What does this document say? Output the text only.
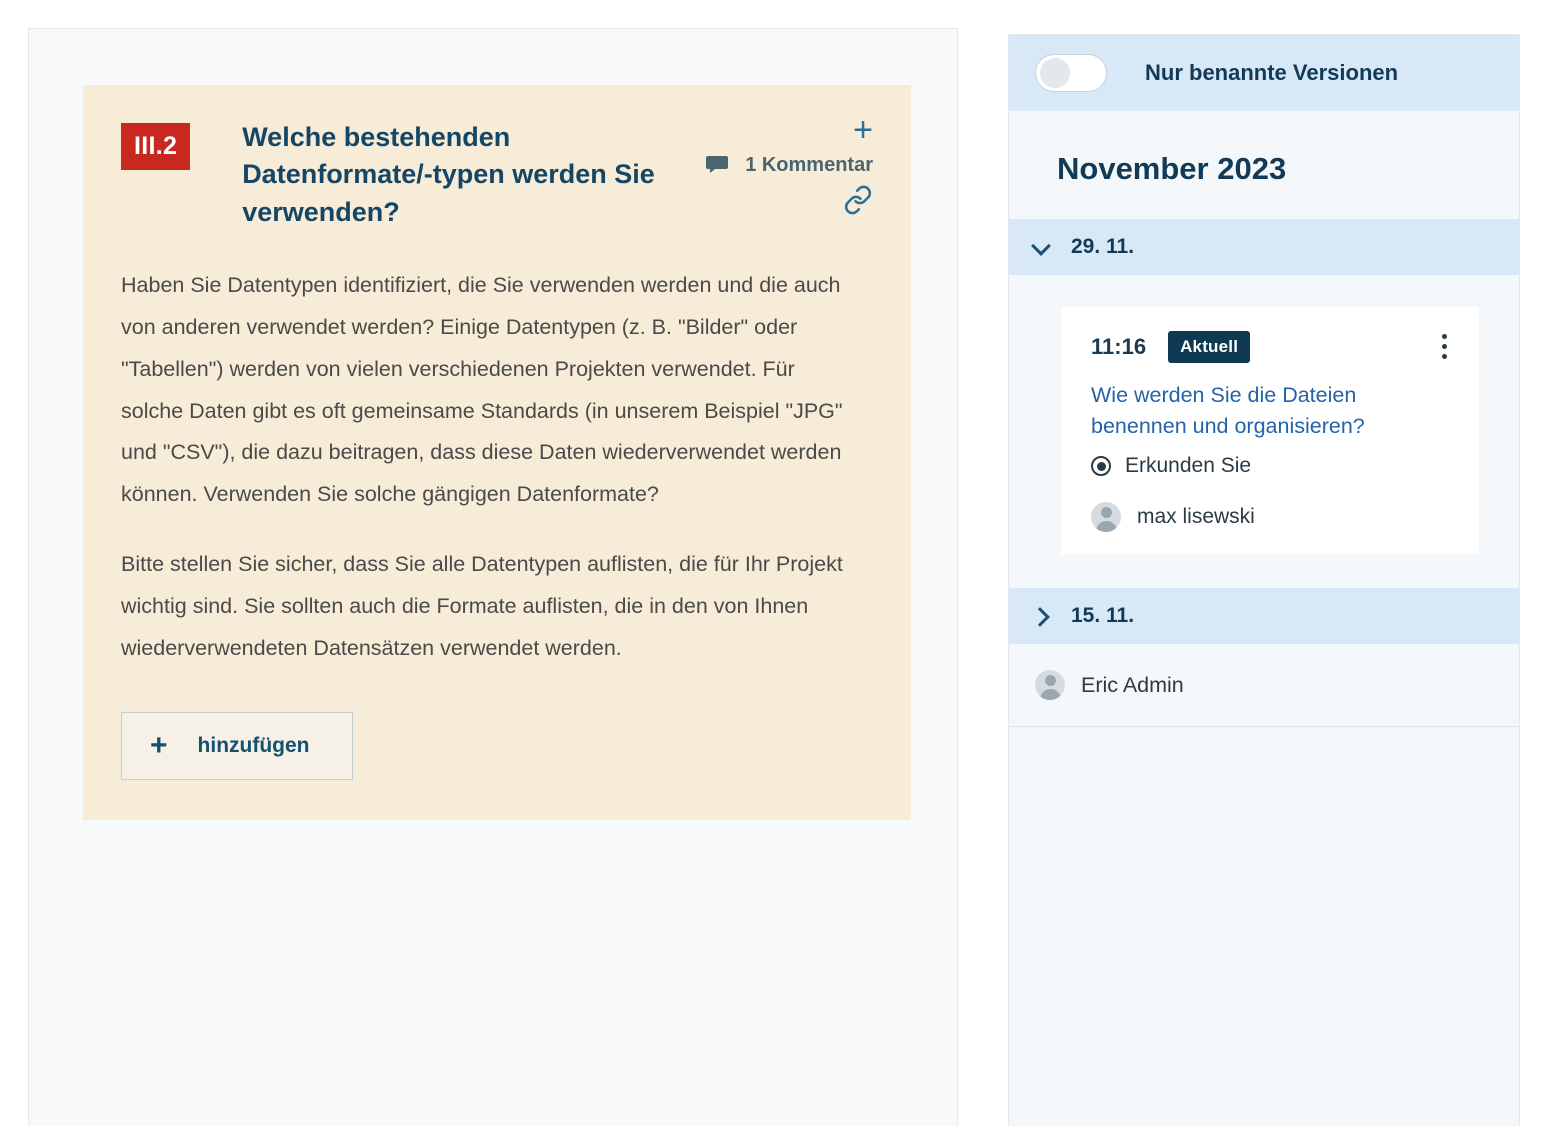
III.2	Welche bestehenden Datenformate/-typen werden Sie verwenden?
+
1 Kommentar

Haben Sie Datentypen identifiziert, die Sie verwenden werden und die auch von anderen verwendet werden? Einige Datentypen (z. B. "Bilder" oder "Tabellen") werden von vielen verschiedenen Projekten verwendet. Für solche Daten gibt es oft gemeinsame Standards (in unserem Beispiel "JPG" und "CSV"), die dazu beitragen, dass diese Daten wiederverwendet werden können. Verwenden Sie solche gängigen Datenformate?

Bitte stellen Sie sicher, dass Sie alle Datentypen auflisten, die für Ihr Projekt wichtig sind. Sie sollten auch die Formate auflisten, die in den von Ihnen wiederverwendeten Datensätzen verwendet werden.

+ hinzufügen
Nur benannte Versionen
November 2023
29. 11.
11:16	Aktuell
Wie werden Sie die Dateien benennen und organisieren?
Erkunden Sie
max lisewski
15. 11.
Eric Admin
